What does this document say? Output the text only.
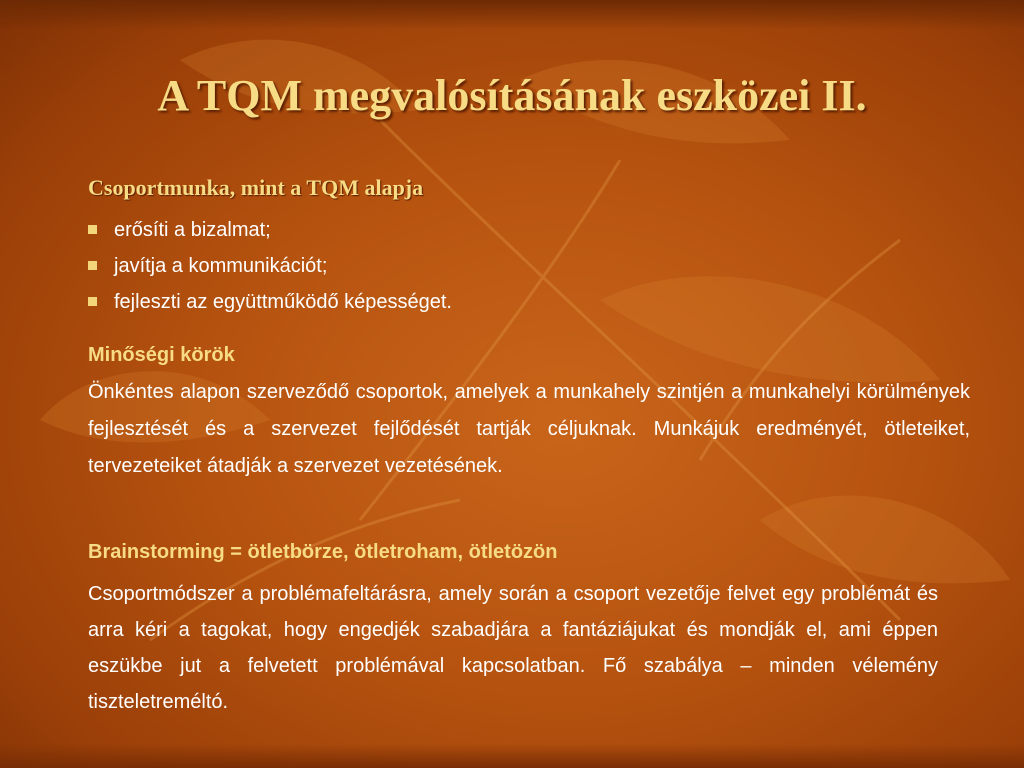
A TQM megvalósításának eszközei II.
Csoportmunka, mint a TQM alapja
erősíti a bizalmat;
javítja a kommunikációt;
fejleszti az együttműködő képességet.
Minőségi körök

Önkéntes alapon szerveződő csoportok, amelyek a munkahely szintjén a munkahelyi körülmények fejlesztését és a szervezet fejlődését tartják céljuknak. Munkájuk eredményét, ötleteiket, tervezeteiket átadják a szervezet vezetésének.

Brainstorming = ötletbörze, ötletroham, ötletözön

Csoportmódszer a problémafeltárásra, amely során a csoport vezetője felvet egy problémát és arra kéri a tagokat, hogy engedjék szabadjára a fantáziájukat és mondják el, ami éppen eszükbe jut a felvetett problémával kapcsolatban. Fő szabálya – minden vélemény tiszteletreméltó.
